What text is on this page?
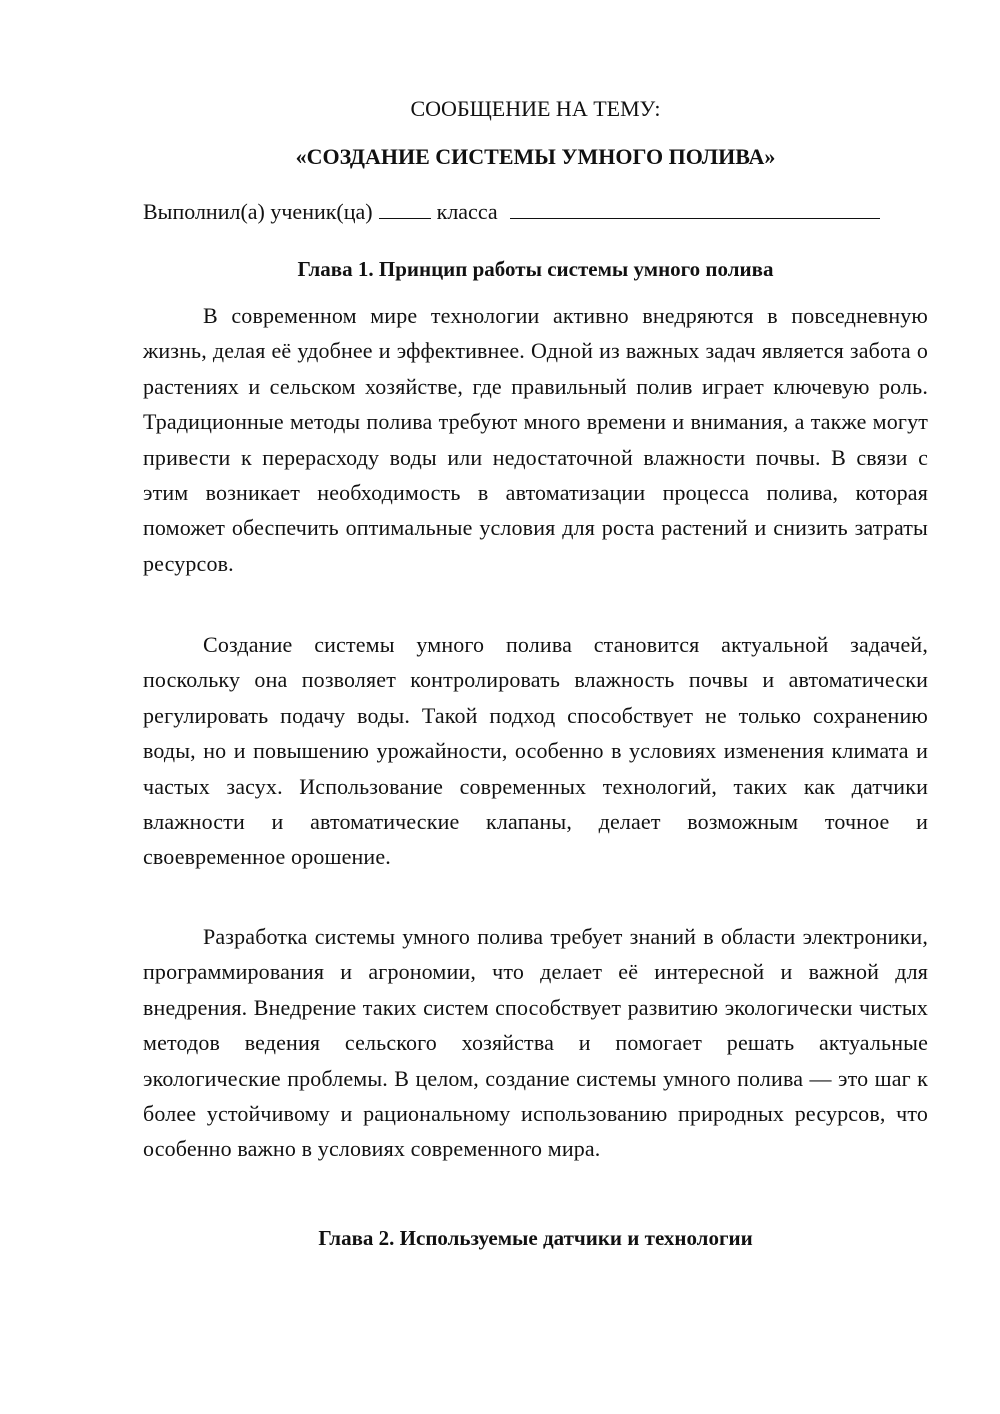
СООБЩЕНИЕ НА ТЕМУ:

«СОЗДАНИЕ СИСТЕМЫ УМНОГО ПОЛИВА»

Выполнил(а) ученик(ца)	класса
Глава 1. Принцип работы системы умного полива

В современном мире технологии активно внедряются в повседневную жизнь, делая её удобнее и эффективнее. Одной из важных задач является забота о растениях и сельском хозяйстве, где правильный полив играет ключевую роль. Традиционные методы полива требуют много времени и внимания, а также могут привести к перерасходу воды или недостаточной влажности почвы. В связи с этим возникает необходимость в автоматизации процесса полива, которая поможет обеспечить оптимальные условия для роста растений и снизить затраты ресурсов.

Создание системы умного полива становится актуальной задачей, поскольку она позволяет контролировать влажность почвы и автоматически регулировать подачу воды. Такой подход способствует не только сохранению воды, но и повышению урожайности, особенно в условиях изменения климата и частых засух. Использование современных технологий, таких как датчики влажности и автоматические клапаны, делает возможным точное и своевременное орошение.

Разработка системы умного полива требует знаний в области электроники, программирования и агрономии, что делает её интересной и важной для внедрения. Внедрение таких систем способствует развитию экологически чистых методов ведения сельского хозяйства и помогает решать актуальные экологические проблемы. В целом, создание системы умного полива — это шаг к более устойчивому и рациональному использованию природных ресурсов, что особенно важно в условиях современного мира.

Глава 2. Используемые датчики и технологии
